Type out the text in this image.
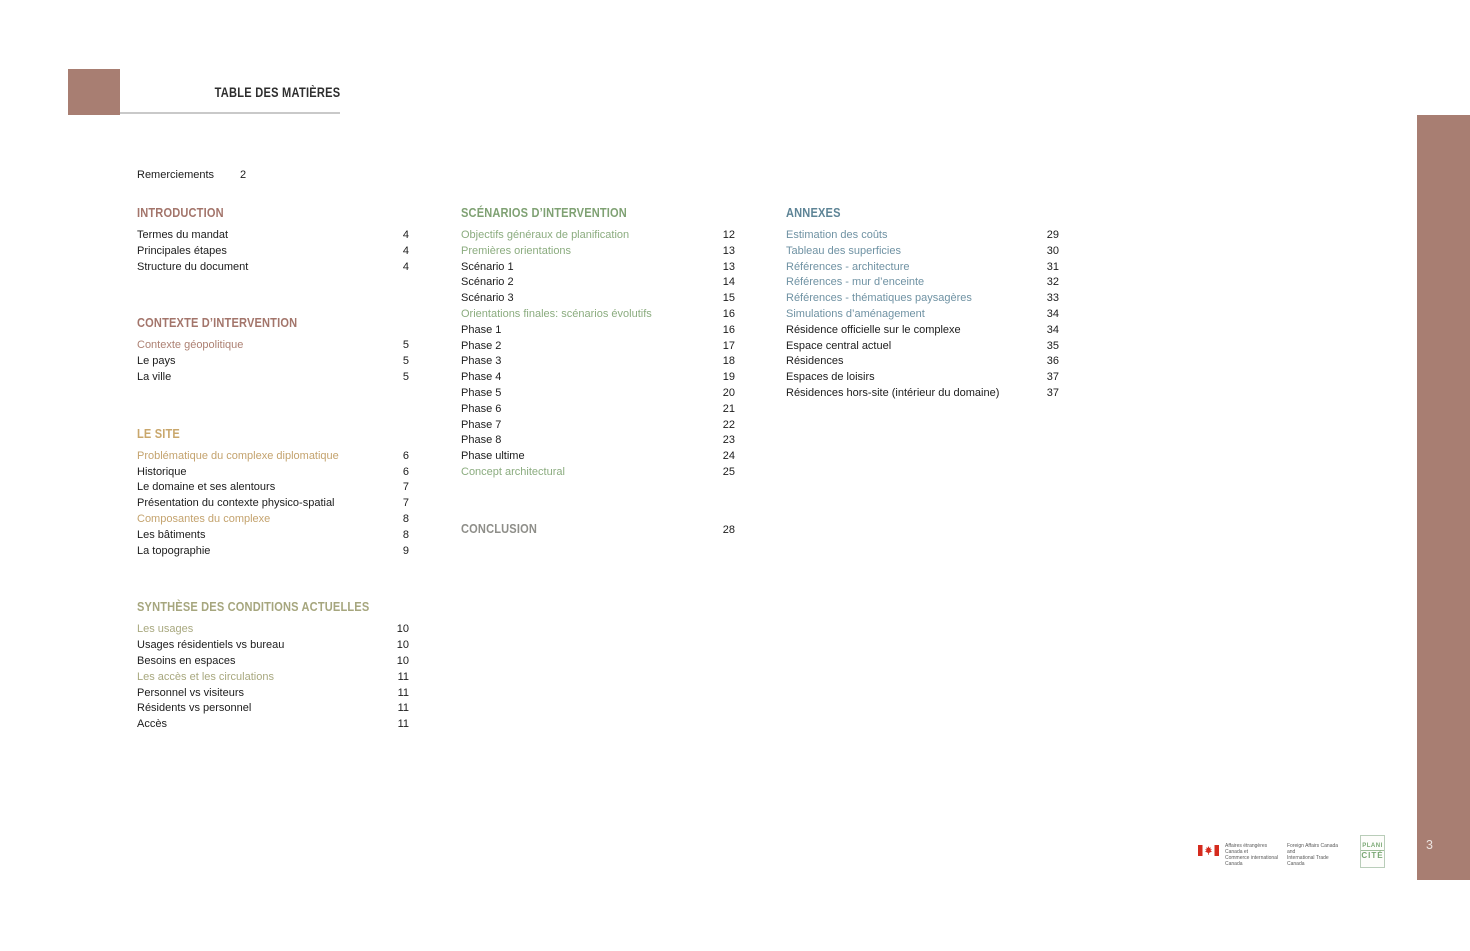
TABLE DES MATIÈRES
Remerciements	2
INTRODUCTION
Termes du mandat	4
Principales étapes	4
Structure du document	4
CONTEXTE D’INTERVENTION
Contexte géopolitique	5
Le pays	5
La ville	5
LE SITE
Problématique du complexe diplomatique	6
Historique	6
Le domaine et ses alentours	7
Présentation du contexte physico-spatial	7
Composantes du complexe	8
Les bâtiments	8
La topographie	9
SYNTHÈSE DES CONDITIONS ACTUELLES
Les usages	10
Usages résidentiels vs bureau	10
Besoins en espaces	10
Les accès et les circulations	11
Personnel vs visiteurs	11
Résidents vs personnel	11
Accès	11
SCÉNARIOS D’INTERVENTION
Objectifs généraux de planification	12
Premières orientations	13
Scénario 1	13
Scénario 2	14
Scénario 3	15
Orientations finales: scénarios évolutifs	16
Phase 1	16
Phase 2	17
Phase 3	18
Phase 4	19
Phase 5	20
Phase 6	21
Phase 7	22
Phase 8	23
Phase ultime	24
Concept architectural	25
CONCLUSION	28
ANNEXES
Estimation des coûts	29
Tableau des superficies	30
Références - architecture	31
Références - mur d’enceinte	32
Références - thématiques paysagères	33
Simulations d’aménagement	34
Résidence officielle sur le complexe	34
Espace central actuel	35
Résidences	36
Espaces de loisirs	37
Résidences hors-site (intérieur du domaine)	37
3
Affaires étrangères Canada et
Commerce international Canada
Foreign Affairs Canada and
International Trade Canada
PLANI
CITÉ
